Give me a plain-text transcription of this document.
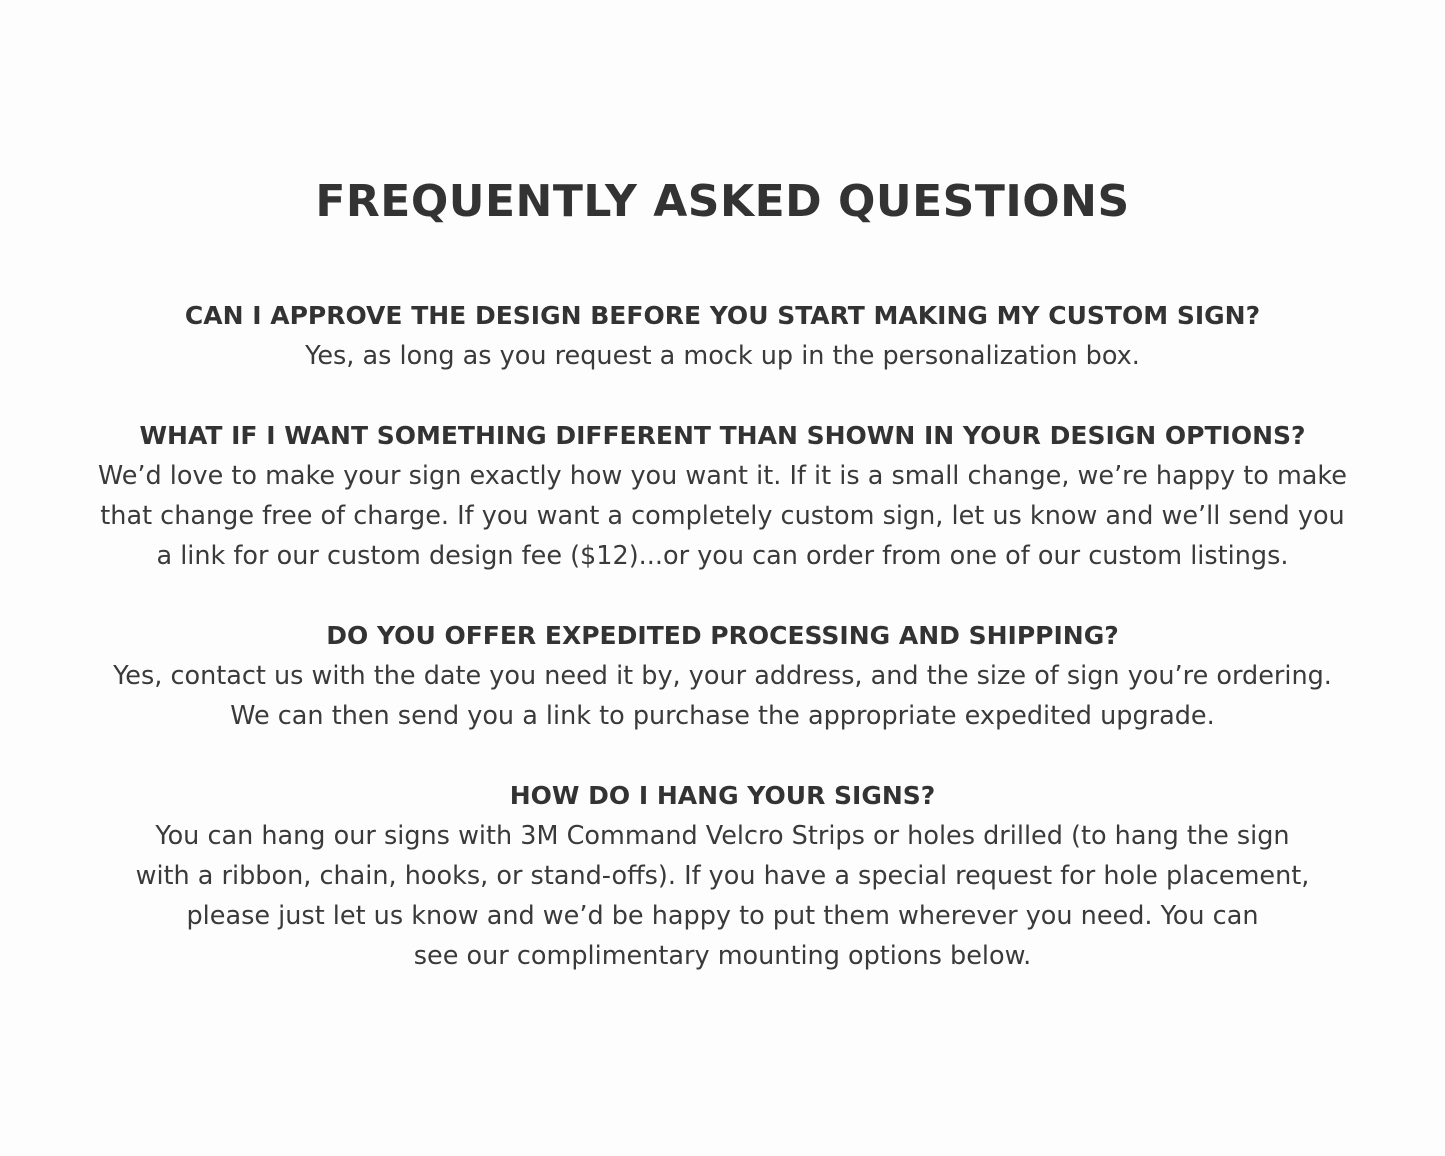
FREQUENTLY ASKED QUESTIONS
CAN I APPROVE THE DESIGN BEFORE YOU START MAKING MY CUSTOM SIGN?
Yes, as long as you request a mock up in the personalization box.
WHAT IF I WANT SOMETHING DIFFERENT THAN SHOWN IN YOUR DESIGN OPTIONS?
We’d love to make your sign exactly how you want it. If it is a small change, we’re happy to make
that change free of charge. If you want a completely custom sign, let us know and we’ll send you
a link for our custom design fee ($12)...or you can order from one of our custom listings.
DO YOU OFFER EXPEDITED PROCESSING AND SHIPPING?
Yes, contact us with the date you need it by, your address, and the size of sign you’re ordering.
We can then send you a link to purchase the appropriate expedited upgrade.
HOW DO I HANG YOUR SIGNS?
You can hang our signs with 3M Command Velcro Strips or holes drilled (to hang the sign
with a ribbon, chain, hooks, or stand-offs). If you have a special request for hole placement,
please just let us know and we’d be happy to put them wherever you need. You can
see our complimentary mounting options below.
